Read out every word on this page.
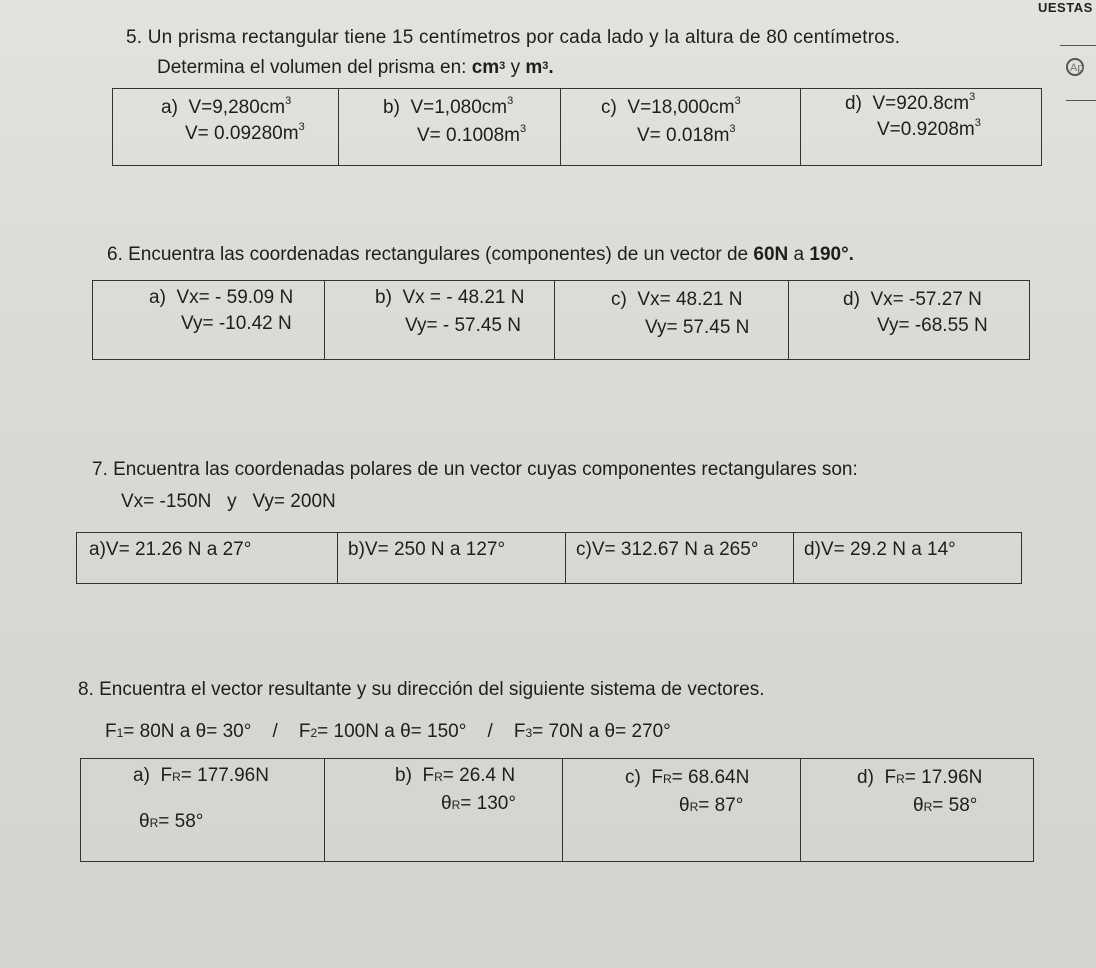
UESTAS
Ap
5. Un prisma rectangular tiene 15 centímetros por cada lado y la altura de 80 centímetros.
Determina el volumen del prisma en: $cm^3$ y $m^3$.
a) $V=9,280cm^3$
$V= 0.09280m^3$
b) $V=1,080cm^3$
$V= 0.1008m^3$
c) $V=18,000cm^3$
$V= 0.018m^3$
d) $V=920.8cm^3$
$V=0.9208m^3$
6. Encuentra las coordenadas rectangulares (componentes) de un vector de 60N a 190°.
a) Vx= - 59.09 N
Vy= -10.42 N
b) Vx = - 48.21 N
Vy= - 57.45 N
c) Vx= 48.21 N
Vy= 57.45 N
d) Vx= -57.27 N
Vy= -68.55 N
7. Encuentra las coordenadas polares de un vector cuyas componentes rectangulares son:
Vx= -150N   y   Vy= 200N
a)V= 21.26 N a 27°	b)V= 250 N a 127°	c)V= 312.67 N a 265° d)V= 29.2 N a 14°
8. Encuentra el vector resultante y su dirección del siguiente sistema de vectores.
F1= 80N a θ= 30° /    F2= 100N a θ= 150° /    F3= 70N a θ= 270°
a)  FR= 177.96N
θR= 58°
b)  FR= 26.4 N
θR= 130°
c)  FR= 68.64N
θR= 87°
d)  FR= 17.96N
θR= 58°
